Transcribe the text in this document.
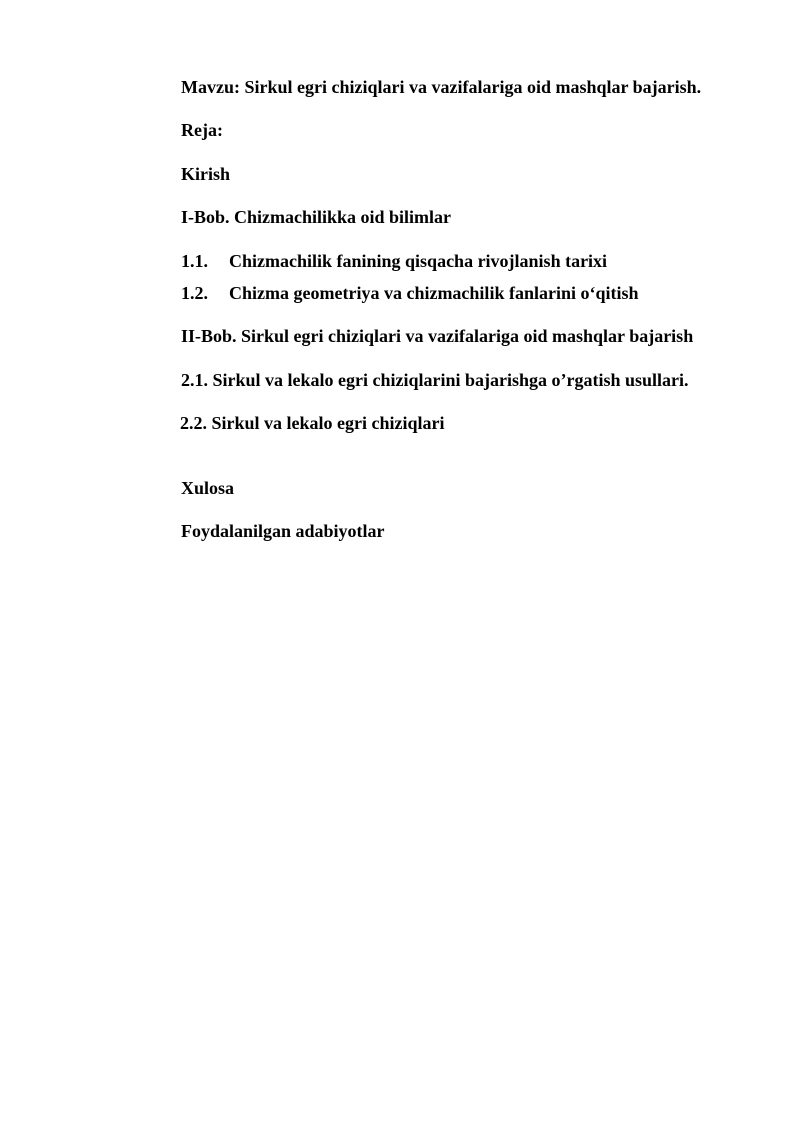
Mavzu: Sirkul egri chiziqlari va vazifalariga oid mashqlar bajarish.
Reja:
Kirish
I-Bob. Chizmachilikka oid bilimlar
1.1. Chizmachilik fanining qisqacha rivojlanish tarixi
1.2. Chizma geometriya va chizmachilik fanlarini o‘qitish
II-Bob. Sirkul egri chiziqlari va vazifalariga oid mashqlar bajarish
2.1. Sirkul va lekalo egri chiziqlarini bajarishga o’rgatish usullari.
2.2. Sirkul va lekalo egri chiziqlari
Xulosa
Foydalanilgan adabiyotlar
